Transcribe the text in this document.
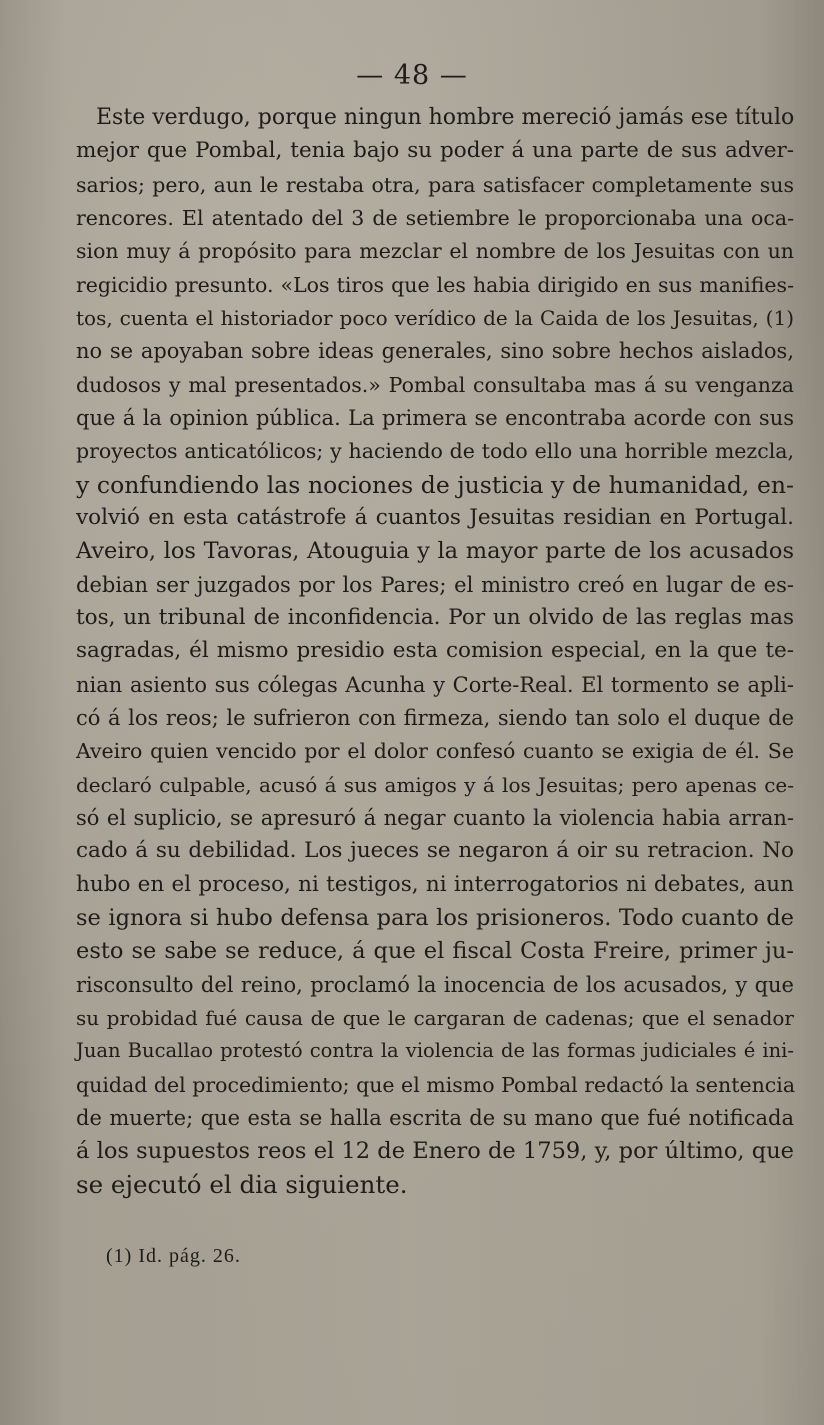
— 48 —
Este verdugo, porque ningun hombre mereció jamás ese título
mejor que Pombal, tenia bajo su poder á una parte de sus adver-
sarios; pero, aun le restaba otra, para satisfacer completamente sus
rencores. El atentado del 3 de setiembre le proporcionaba una oca-
sion muy á propósito para mezclar el nombre de los Jesuitas con un
regicidio presunto. «Los tiros que les habia dirigido en sus manifies-
tos, cuenta el historiador poco verídico de la Caida de los Jesuitas, (1)
no se apoyaban sobre ideas generales, sino sobre hechos aislados,
dudosos y mal presentados.» Pombal consultaba mas á su venganza
que á la opinion pública. La primera se encontraba acorde con sus
proyectos anticatólicos; y haciendo de todo ello una horrible mezcla,
y confundiendo las nociones de justicia y de humanidad, en-
volvió en esta catástrofe á cuantos Jesuitas residian en Portugal.
Aveiro, los Tavoras, Atouguia y la mayor parte de los acusados
debian ser juzgados por los Pares; el ministro creó en lugar de es-
tos, un tribunal de inconfidencia. Por un olvido de las reglas mas
sagradas, él mismo presidio esta comision especial, en la que te-
nian asiento sus cólegas Acunha y Corte-Real. El tormento se apli-
có á los reos; le sufrieron con firmeza, siendo tan solo el duque de
Aveiro quien vencido por el dolor confesó cuanto se exigia de él. Se
declaró culpable, acusó á sus amigos y á los Jesuitas; pero apenas ce-
só el suplicio, se apresuró á negar cuanto la violencia habia arran-
cado á su debilidad. Los jueces se negaron á oir su retracion. No
hubo en el proceso, ni testigos, ni interrogatorios ni debates, aun
se ignora si hubo defensa para los prisioneros. Todo cuanto de
esto se sabe se reduce, á que el fiscal Costa Freire, primer ju-
risconsulto del reino, proclamó la inocencia de los acusados, y que
su probidad fué causa de que le cargaran de cadenas; que el senador
Juan Bucallao protestó contra la violencia de las formas judiciales é ini-
quidad del procedimiento; que el mismo Pombal redactó la sentencia
de muerte; que esta se halla escrita de su mano que fué notificada
á los supuestos reos el 12 de Enero de 1759, y, por último, que
se ejecutó el dia siguiente.
(1) Id. pág. 26.
